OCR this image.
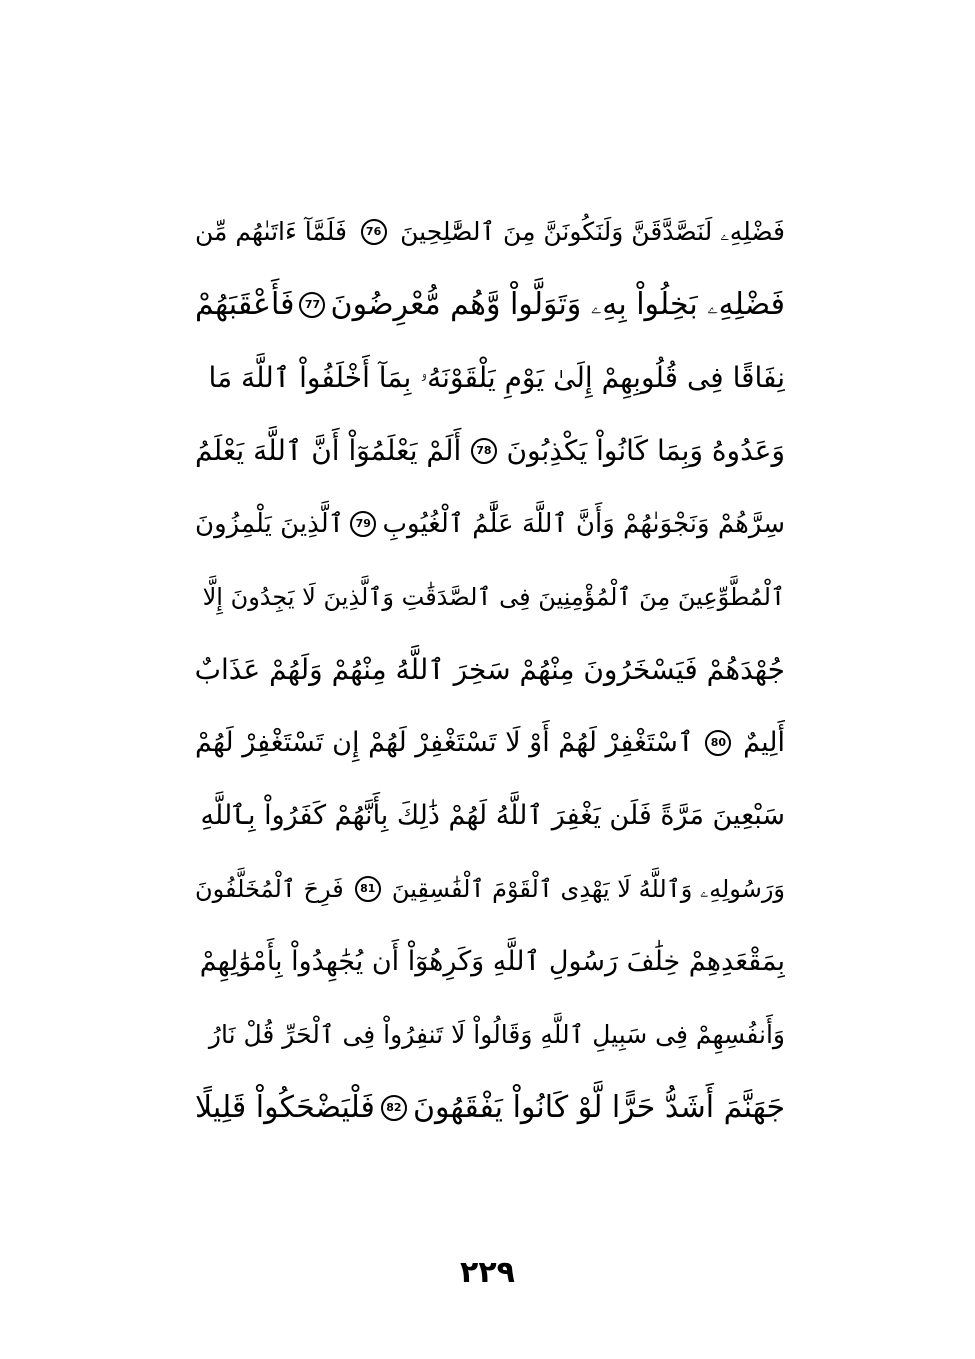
فَضْلِهِۦ لَنَصَّدَّقَنَّ وَلَنَكُونَنَّ مِنَ ٱلصَّٰلِحِينَ
76
فَلَمَّآ ءَاتَىٰهُم مِّن
فَضْلِهِۦ بَخِلُواْ بِهِۦ وَتَوَلَّواْ وَّهُم مُّعْرِضُونَ
77
فَأَعْقَبَهُمْ
نِفَاقًا فِى قُلُوبِهِمْ إِلَىٰ يَوْمِ يَلْقَوْنَهُۥ بِمَآ أَخْلَفُواْ ٱللَّهَ مَا
وَعَدُوهُ وَبِمَا كَانُواْ يَكْذِبُونَ
78
أَلَمْ يَعْلَمُوٓاْ أَنَّ ٱللَّهَ يَعْلَمُ
سِرَّهُمْ وَنَجْوَىٰهُمْ وَأَنَّ ٱللَّهَ عَلَّٰمُ ٱلْغُيُوبِ
79
ٱلَّذِينَ يَلْمِزُونَ
ٱلْمُطَّوِّعِينَ مِنَ ٱلْمُؤْمِنِينَ فِى ٱلصَّدَقَٰتِ وَٱلَّذِينَ لَا يَجِدُونَ إِلَّا
جُهْدَهُمْ فَيَسْخَرُونَ مِنْهُمْ سَخِرَ ٱللَّهُ مِنْهُمْ وَلَهُمْ عَذَابٌ
أَلِيمٌ
80
ٱسْتَغْفِرْ لَهُمْ أَوْ لَا تَسْتَغْفِرْ لَهُمْ إِن تَسْتَغْفِرْ لَهُمْ
سَبْعِينَ مَرَّةً فَلَن يَغْفِرَ ٱللَّهُ لَهُمْ ذَٰلِكَ بِأَنَّهُمْ كَفَرُواْ بِٱللَّهِ
وَرَسُولِهِۦ وَٱللَّهُ لَا يَهْدِى ٱلْقَوْمَ ٱلْفَٰسِقِينَ
81
فَرِحَ ٱلْمُخَلَّفُونَ
بِمَقْعَدِهِمْ خِلَٰفَ رَسُولِ ٱللَّهِ وَكَرِهُوٓاْ أَن يُجَٰهِدُواْ بِأَمْوَٰلِهِمْ
وَأَنفُسِهِمْ فِى سَبِيلِ ٱللَّهِ وَقَالُواْ لَا تَنفِرُواْ فِى ٱلْحَرِّ قُلْ نَارُ
جَهَنَّمَ أَشَدُّ حَرًّا لَّوْ كَانُواْ يَفْقَهُونَ
82
فَلْيَضْحَكُواْ قَلِيلًا
٢٢٩
